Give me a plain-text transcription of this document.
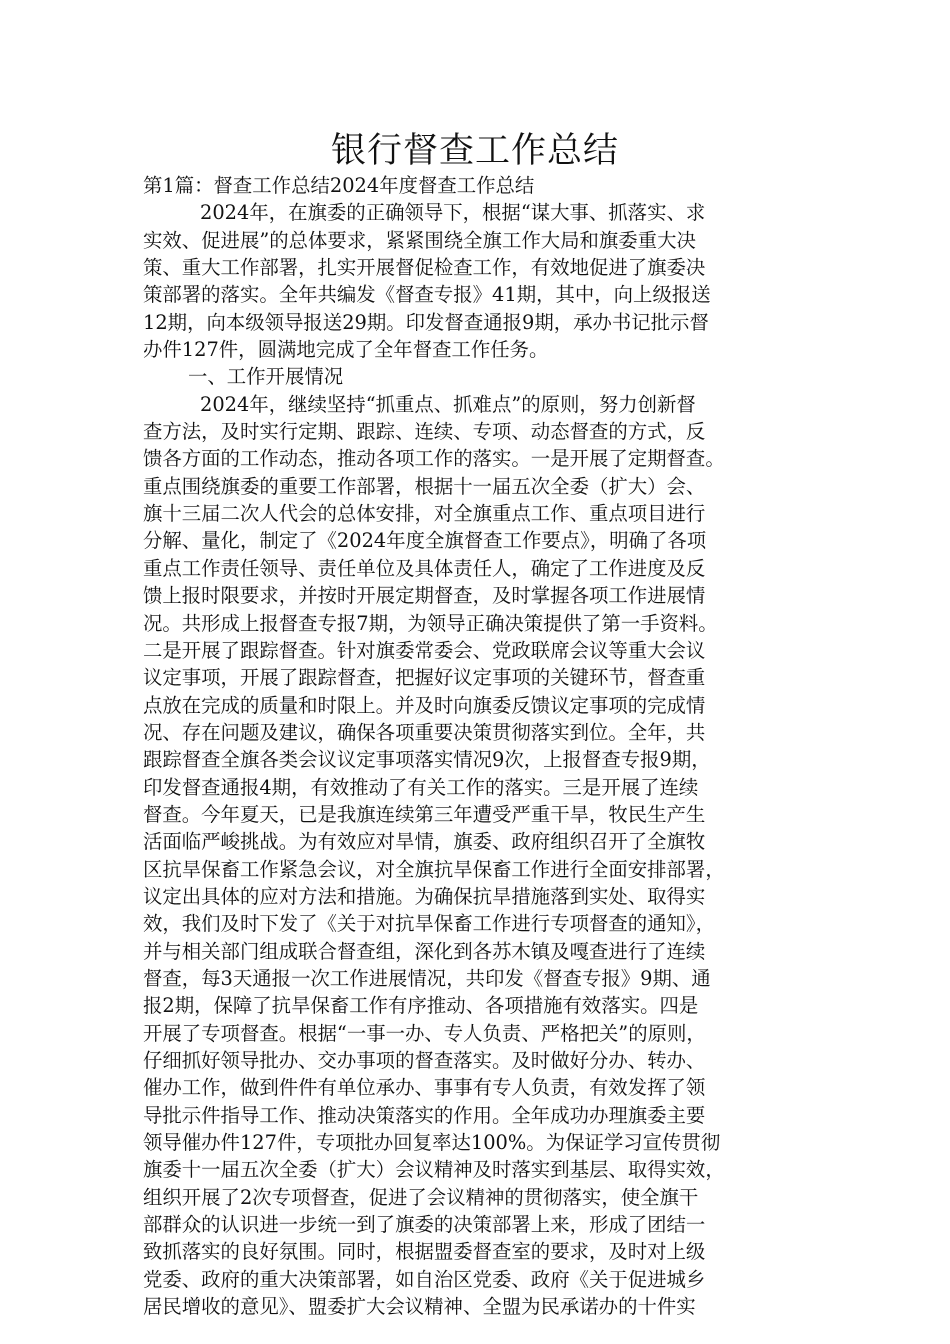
银行督查工作总结
第1篇：督查工作总结2024年度督查工作总结
2024年，在旗委的正确领导下，根据“谋大事、抓落实、求
实效、促进展”的总体要求，紧紧围绕全旗工作大局和旗委重大决
策、重大工作部署，扎实开展督促检查工作，有效地促进了旗委决
策部署的落实。全年共编发《督查专报》41期，其中，向上级报送
12期，向本级领导报送29期。印发督查通报9期，承办书记批示督
办件127件，圆满地完成了全年督查工作任务。
一、工作开展情况
2024年，继续坚持“抓重点、抓难点”的原则，努力创新督
查方法，及时实行定期、跟踪、连续、专项、动态督查的方式，反
馈各方面的工作动态，推动各项工作的落实。一是开展了定期督查。
重点围绕旗委的重要工作部署，根据十一届五次全委（扩大）会、
旗十三届二次人代会的总体安排，对全旗重点工作、重点项目进行
分解、量化，制定了《2024年度全旗督查工作要点》，明确了各项
重点工作责任领导、责任单位及具体责任人，确定了工作进度及反
馈上报时限要求，并按时开展定期督查，及时掌握各项工作进展情
况。共形成上报督查专报7期，为领导正确决策提供了第一手资料。
二是开展了跟踪督查。针对旗委常委会、党政联席会议等重大会议
议定事项，开展了跟踪督查，把握好议定事项的关键环节，督查重
点放在完成的质量和时限上。并及时向旗委反馈议定事项的完成情
况、存在问题及建议，确保各项重要决策贯彻落实到位。全年，共
跟踪督查全旗各类会议议定事项落实情况9次，上报督查专报9期，
印发督查通报4期，有效推动了有关工作的落实。三是开展了连续
督查。今年夏天，已是我旗连续第三年遭受严重干旱，牧民生产生
活面临严峻挑战。为有效应对旱情，旗委、政府组织召开了全旗牧
区抗旱保畜工作紧急会议，对全旗抗旱保畜工作进行全面安排部署，
议定出具体的应对方法和措施。为确保抗旱措施落到实处、取得实
效，我们及时下发了《关于对抗旱保畜工作进行专项督查的通知》，
并与相关部门组成联合督查组，深化到各苏木镇及嘎查进行了连续
督查，每3天通报一次工作进展情况，共印发《督查专报》9期、通
报2期，保障了抗旱保畜工作有序推动、各项措施有效落实。四是
开展了专项督查。根据“一事一办、专人负责、严格把关”的原则，
仔细抓好领导批办、交办事项的督查落实。及时做好分办、转办、
催办工作，做到件件有单位承办、事事有专人负责，有效发挥了领
导批示件指导工作、推动决策落实的作用。全年成功办理旗委主要
领导催办件127件，专项批办回复率达100%。为保证学习宣传贯彻
旗委十一届五次全委（扩大）会议精神及时落实到基层、取得实效，
组织开展了2次专项督查，促进了会议精神的贯彻落实，使全旗干
部群众的认识进一步统一到了旗委的决策部署上来，形成了团结一
致抓落实的良好氛围。同时，根据盟委督查室的要求，及时对上级
党委、政府的重大决策部署，如自治区党委、政府《关于促进城乡
居民增收的意见》、盟委扩大会议精神、全盟为民承诺办的十件实
